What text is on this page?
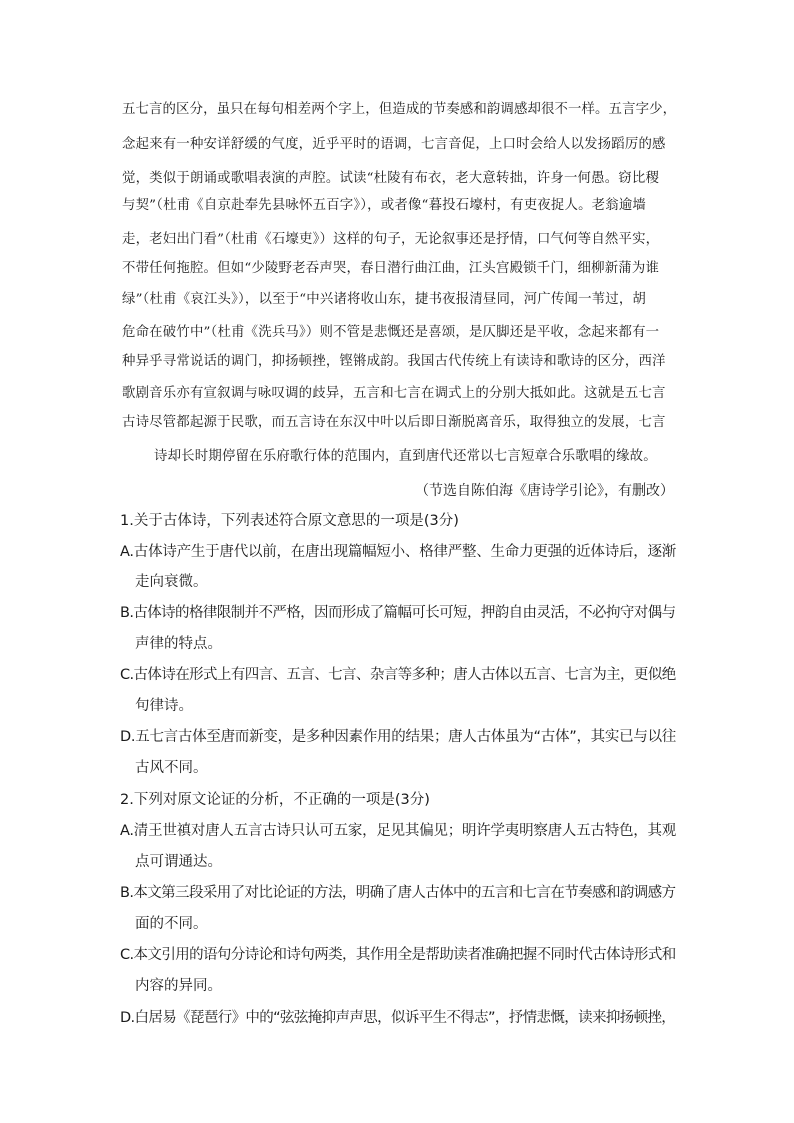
五七言的区分，虽只在每句相差两个字上，但造成的节奏感和韵调感却很不一样。五言字少，
念起来有一种安详舒缓的气度，近乎平时的语调，七言音促，上口时会给人以发扬蹈厉的感
觉，类似于朗诵或歌唱表演的声腔。试读“杜陵有布衣，老大意转拙，许身一何愚。窃比稷
与契”（杜甫《自京赴奉先县咏怀五百字》），或者像“暮投石壕村，有吏夜捉人。老翁逾墙
走，老妇出门看”（杜甫《石壕吏》）这样的句子，无论叙事还是抒情，口气何等自然平实，
不带任何拖腔。但如“少陵野老吞声哭，春日潜行曲江曲，江头宫殿锁千门，细柳新蒲为谁
绿”（杜甫《哀江头》），以至于“中兴诸将收山东，捷书夜报清昼同，河广传闻一苇过，胡
危命在破竹中”（杜甫《洗兵马》）则不管是悲慨还是喜颂，是仄脚还是平收，念起来都有一
种异乎寻常说话的调门，抑扬顿挫，铿锵成韵。我国古代传统上有读诗和歌诗的区分，西洋
歌剧音乐亦有宣叙调与咏叹调的歧异，五言和七言在调式上的分别大抵如此。这就是五七言
古诗尽管都起源于民歌，而五言诗在东汉中叶以后即日渐脱离音乐，取得独立的发展，七言
诗却长时期停留在乐府歌行体的范围内，直到唐代还常以七言短章合乐歌唱的缘故。
（节选自陈伯海《唐诗学引论》，有删改）
1.关于古体诗，下列表述符合原文意思的一项是(3分)
A.古体诗产生于唐代以前，在唐出现篇幅短小、格律严整、生命力更强的近体诗后，逐渐
走向衰微。
B.古体诗的格律限制并不严格，因而形成了篇幅可长可短，押韵自由灵活，不必拘守对偶与
声律的特点。
C.古体诗在形式上有四言、五言、七言、杂言等多种；唐人古体以五言、七言为主，更似绝
句律诗。
D.五七言古体至唐而新变，是多种因素作用的结果；唐人古体虽为“古体”，其实已与以往
古风不同。
2.下列对原文论证的分析，不正确的一项是(3分)
A.清王世禛对唐人五言古诗只认可五家，足见其偏见；明许学夷明察唐人五古特色，其观
点可谓通达。
B.本文第三段采用了对比论证的方法，明确了唐人古体中的五言和七言在节奏感和韵调感方
面的不同。
C.本文引用的语句分诗论和诗句两类，其作用全是帮助读者准确把握不同时代古体诗形式和
内容的异同。
D.白居易《琵琶行》中的“弦弦掩抑声声思，似诉平生不得志”，抒情悲慨，读来抑扬顿挫，
